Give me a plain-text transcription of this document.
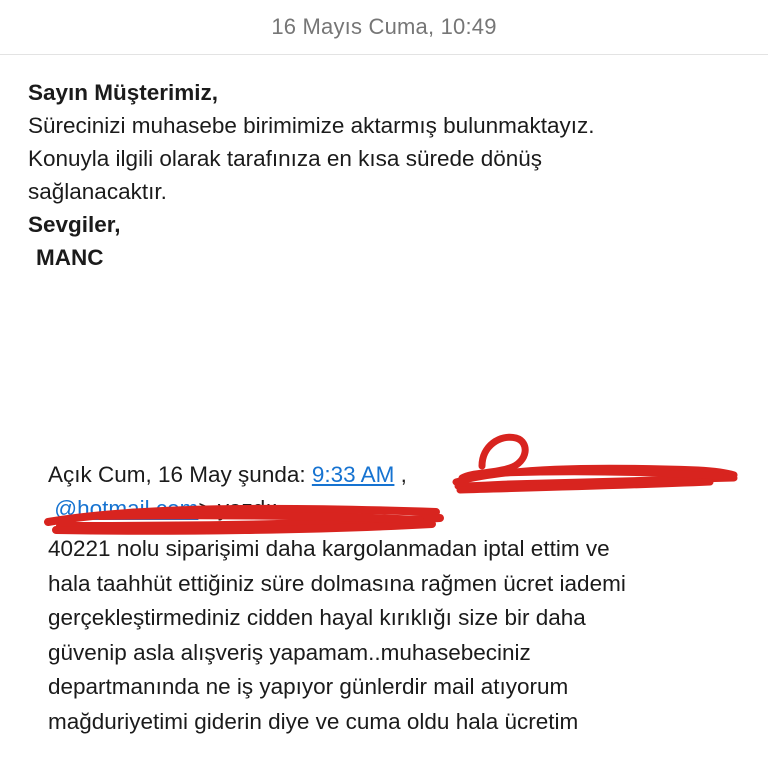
16 Mayıs Cuma, 10:49
Sayın Müşterimiz,
Sürecinizi muhasebe birimimize aktarmış bulunmaktayız.
Konuyla ilgili olarak tarafınıza en kısa sürede dönüş
sağlanacaktır.
Sevgiler,
MANC
Açık Cum, 16 May şunda: 9:33 AM ,
@hotmail.com> yazdı:
40221 nolu siparişimi daha kargolanmadan iptal ettim ve
hala taahhüt ettiğiniz süre dolmasına rağmen ücret iademi
gerçekleştirmediniz cidden hayal kırıklığı size bir daha
güvenip asla alışveriş yapamam..muhasebeciniz
departmanında ne iş yapıyor günlerdir mail atıyorum
mağduriyetimi giderin diye ve cuma oldu hala ücretim
